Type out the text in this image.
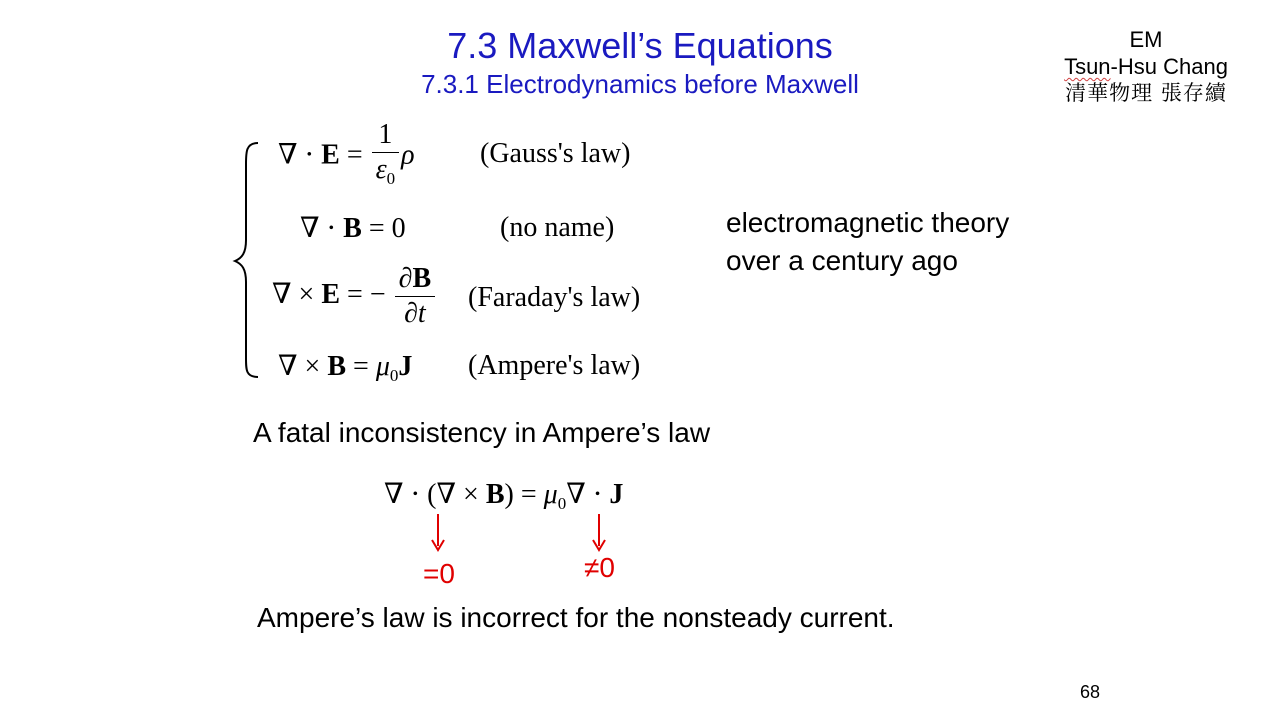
7.3 Maxwell’s Equations
7.3.1 Electrodynamics before Maxwell
EM
Tsun-Hsu Chang
清華物理 張存續
∇ ⋅ $E = \frac{1}{\varepsilon_0}$ ρ (Gauss's law)
∇ ⋅ B = 0	(no name)
∇ × E = − $\frac{\partial B}{\partial t}$ (Faraday's law)
∇ × $B = \mu_0J$ (Ampere's law)
electromagnetic theory
over a century ago
A fatal inconsistency in Ampere’s law
∇ ⋅ (∇ × $B) = \mu_0\nabla \cdot J$
=0	≠0
Ampere’s law is incorrect for the nonsteady current.
68
